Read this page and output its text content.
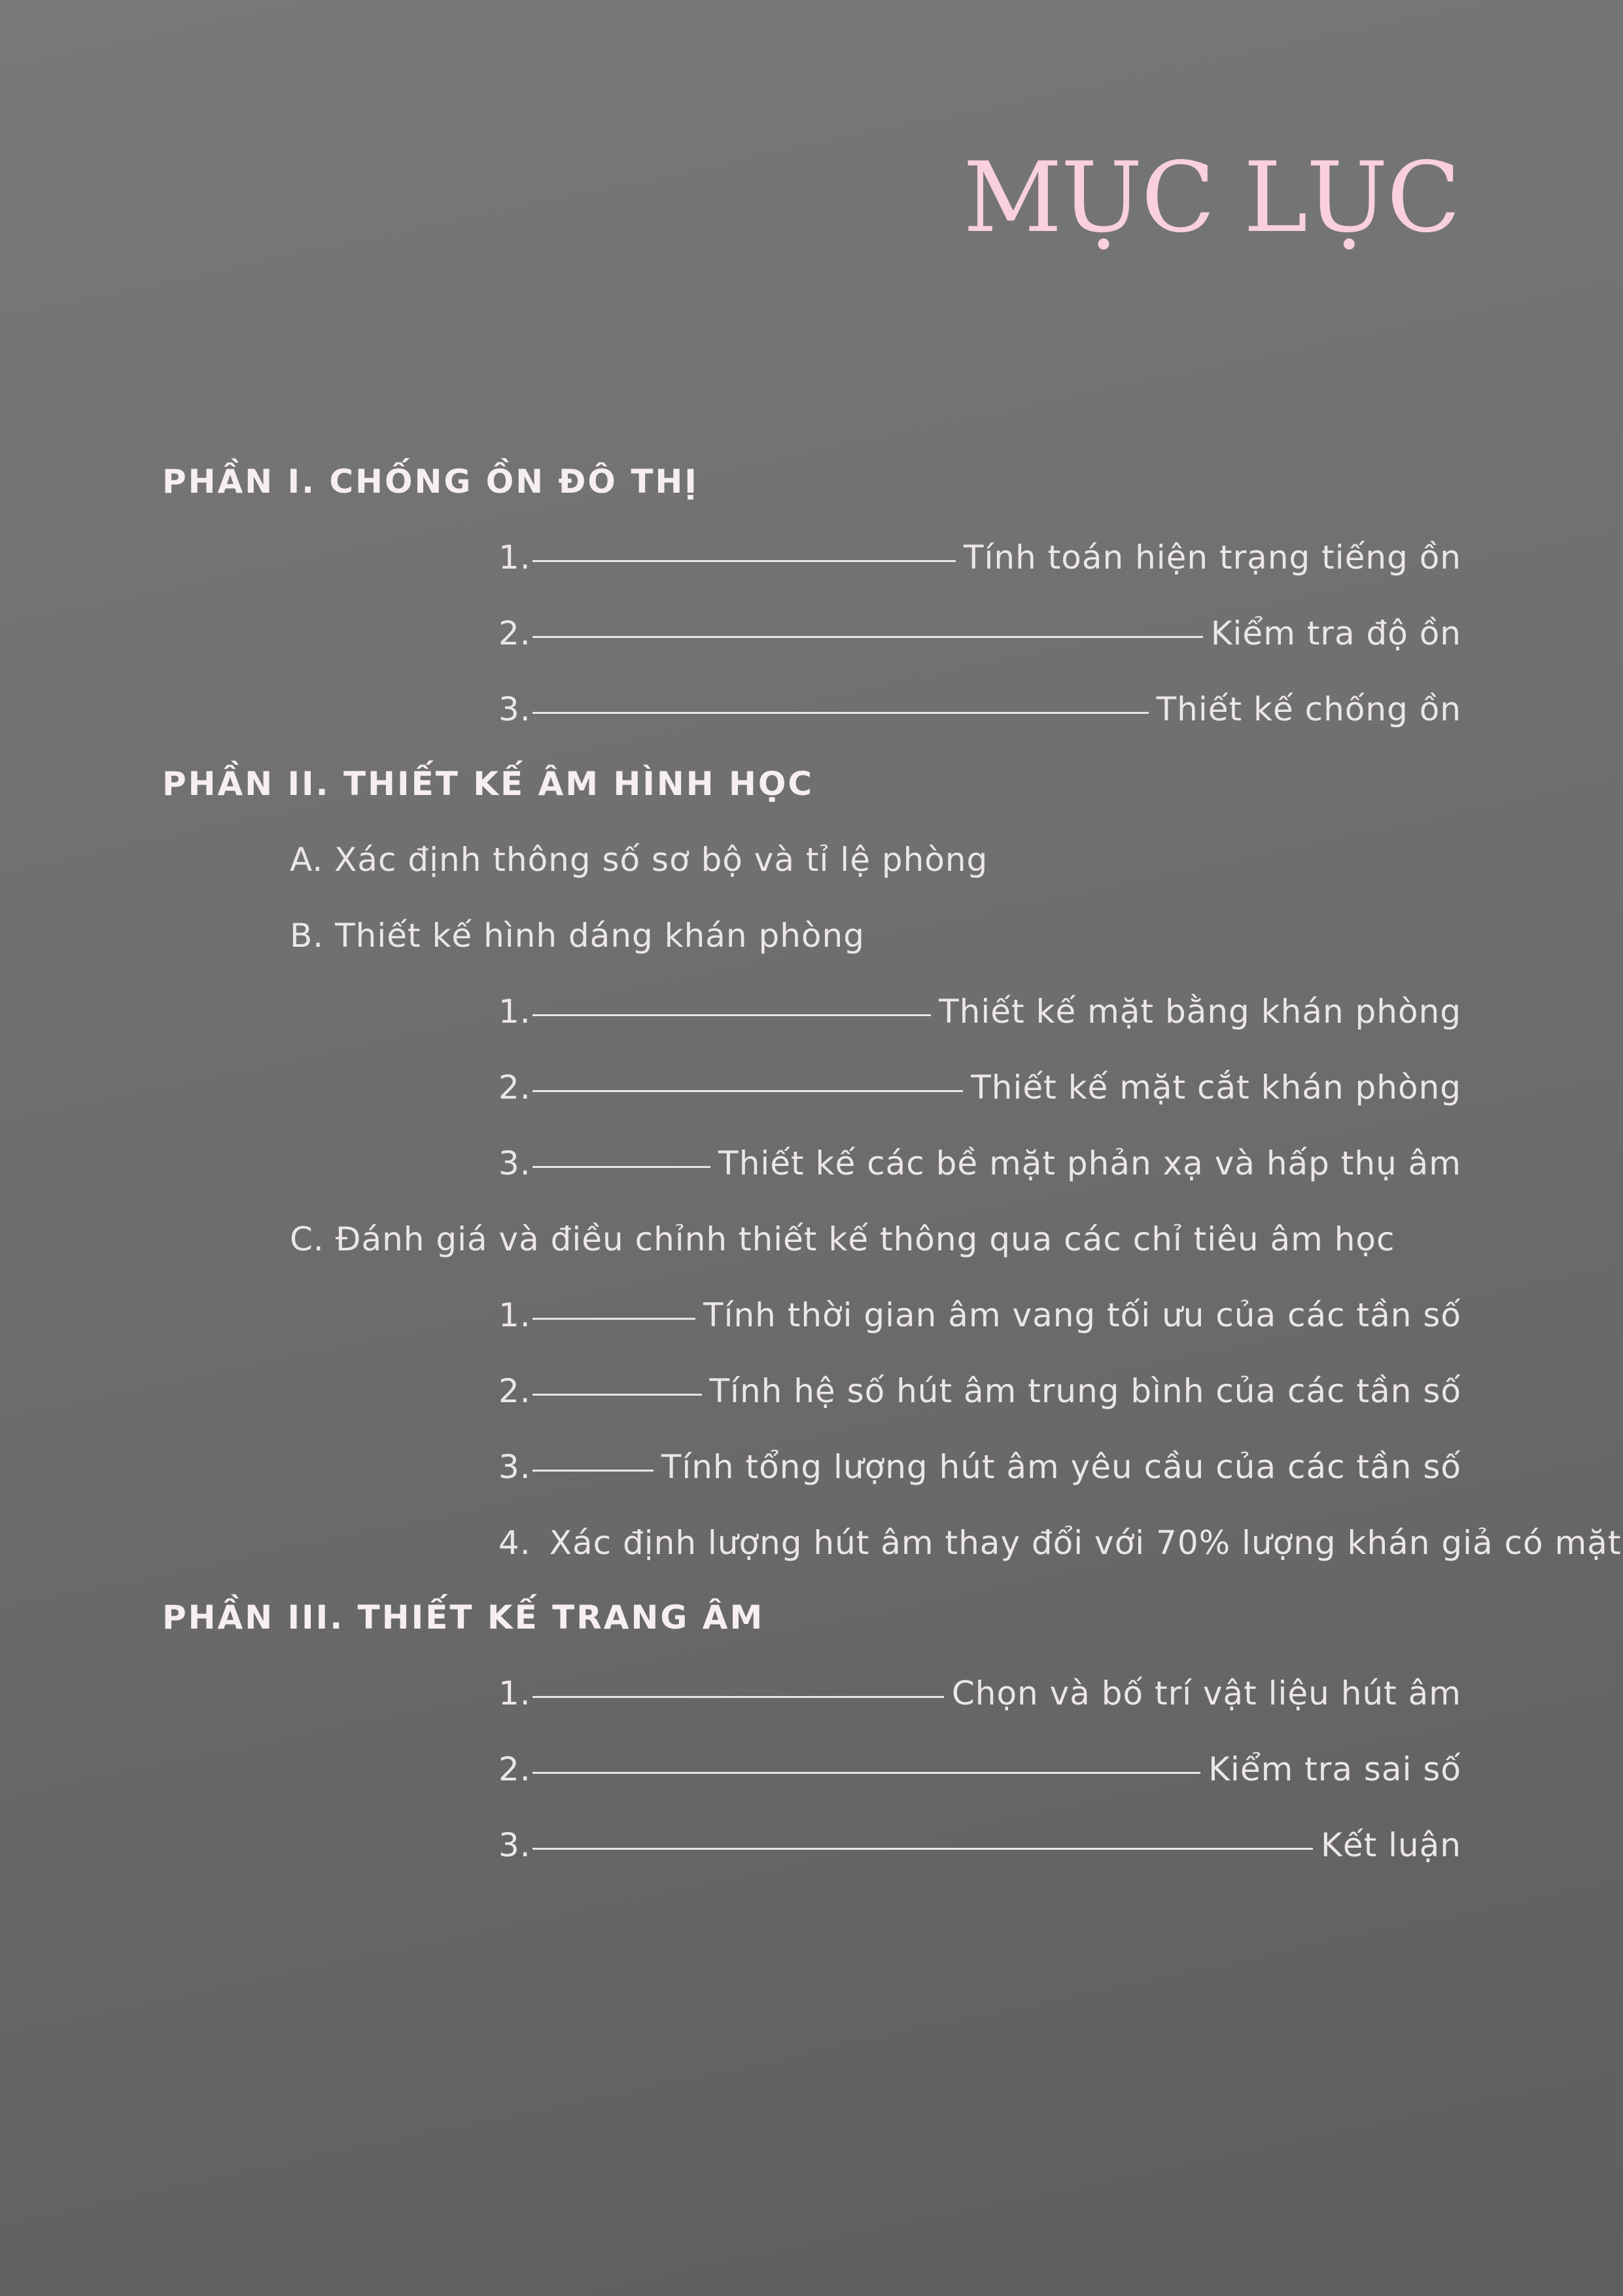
MỤC LỤC
PHẦN I. CHỐNG ỒN ĐÔ THỊ
1.	Tính toán hiện trạng tiếng ồn
2.	Kiểm tra độ ồn
3.	Thiết kế chống ồn
PHẦN II. THIẾT KẾ ÂM HÌNH HỌC
A. Xác định thông số sơ bộ và tỉ lệ phòng
B. Thiết kế hình dáng khán phòng
1.	Thiết kế mặt bằng khán phòng
2.	Thiết kế mặt cắt khán phòng
3.	Thiết kế các bề mặt phản xạ và hấp thụ âm
C. Đánh giá và điều chỉnh thiết kế thông qua các chỉ tiêu âm học
1.	Tính thời gian âm vang tối ưu của các tần số
2.	Tính hệ số hút âm trung bình của các tần số
3.	Tính tổng lượng hút âm yêu cầu của các tần số
4. Xác định lượng hút âm thay đổi với 70% lượng khán giả có mặt
PHẦN III. THIẾT KẾ TRANG ÂM
1.	Chọn và bố trí vật liệu hút âm
2.	Kiểm tra sai số
3.	Kết luận
